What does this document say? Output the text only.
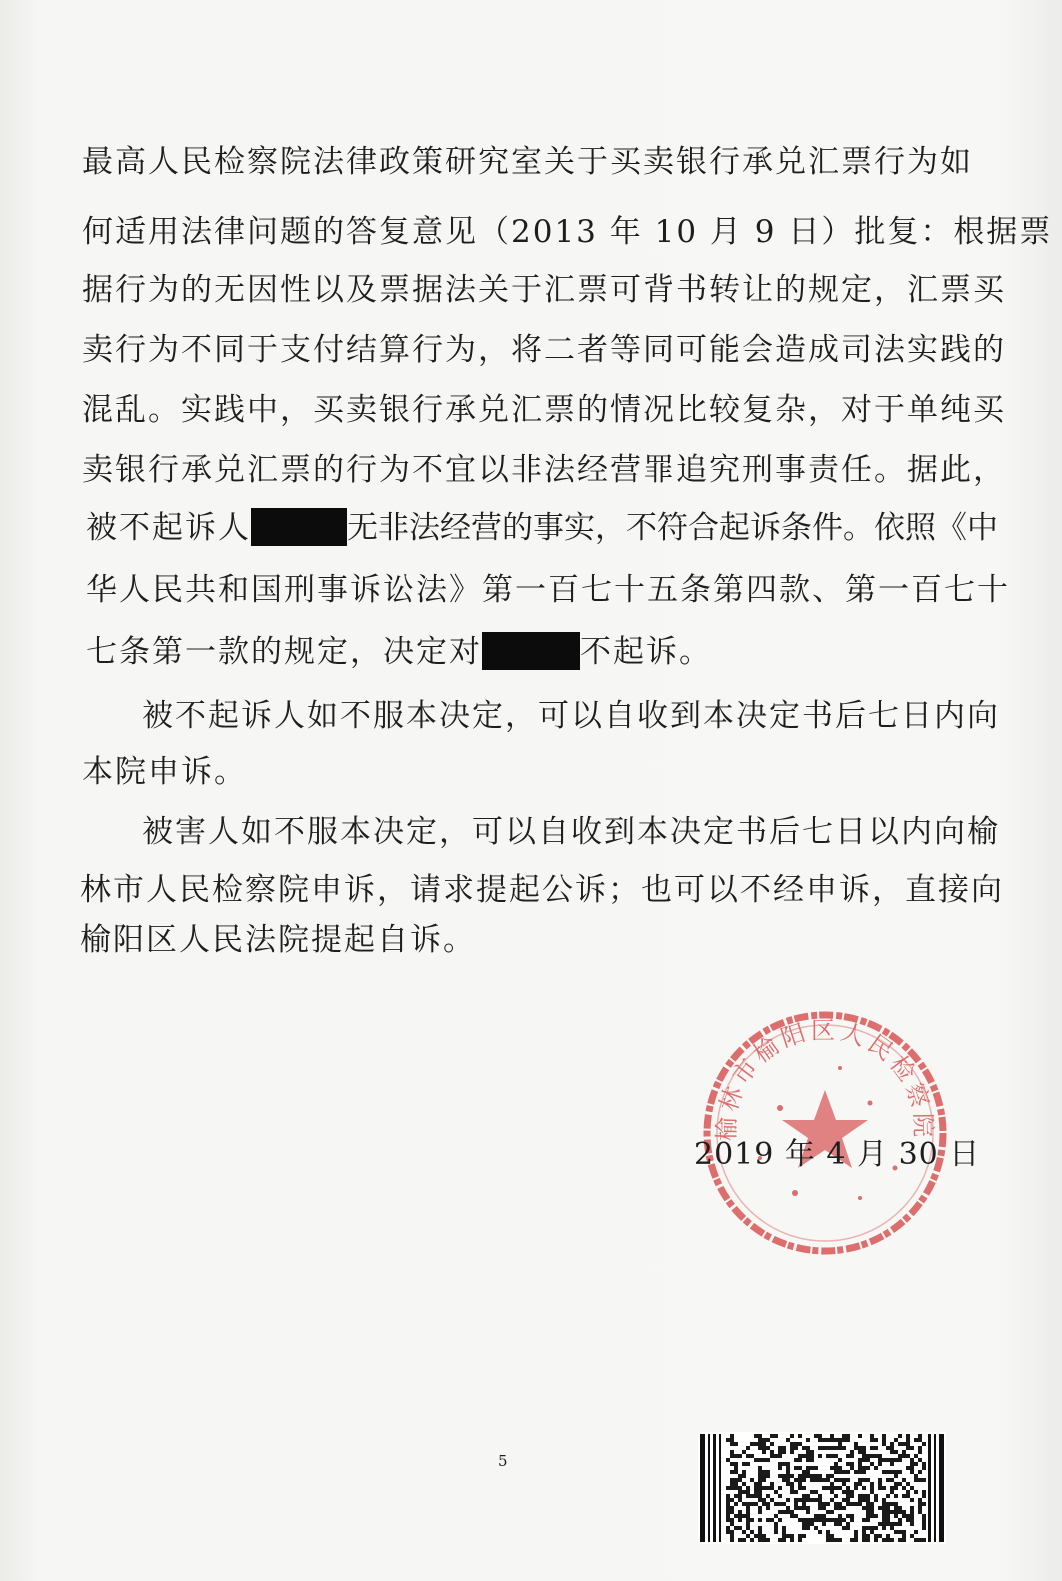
最高人民检察院法律政策研究室关于买卖银行承兑汇票行为如
何适用法律问题的答复意见（2013 年 10 月 9 日）批复：根据票
据行为的无因性以及票据法关于汇票可背书转让的规定，汇票买
卖行为不同于支付结算行为，将二者等同可能会造成司法实践的
混乱。实践中，买卖银行承兑汇票的情况比较复杂，对于单纯买
卖银行承兑汇票的行为不宜以非法经营罪追究刑事责任。据此，
被不起诉人	无非法经营的事实，不符合起诉条件。依照《中
华人民共和国刑事诉讼法》第一百七十五条第四款、第一百七十
七条第一款的规定，决定对	不起诉。
被不起诉人如不服本决定，可以自收到本决定书后七日内向
本院申诉。
被害人如不服本决定，可以自收到本决定书后七日以内向榆
林市人民检察院申诉，请求提起公诉；也可以不经申诉，直接向
榆阳区人民法院提起自诉。
榆林市榆阳区人民检察院
2019 年 4 月 30 日
5
